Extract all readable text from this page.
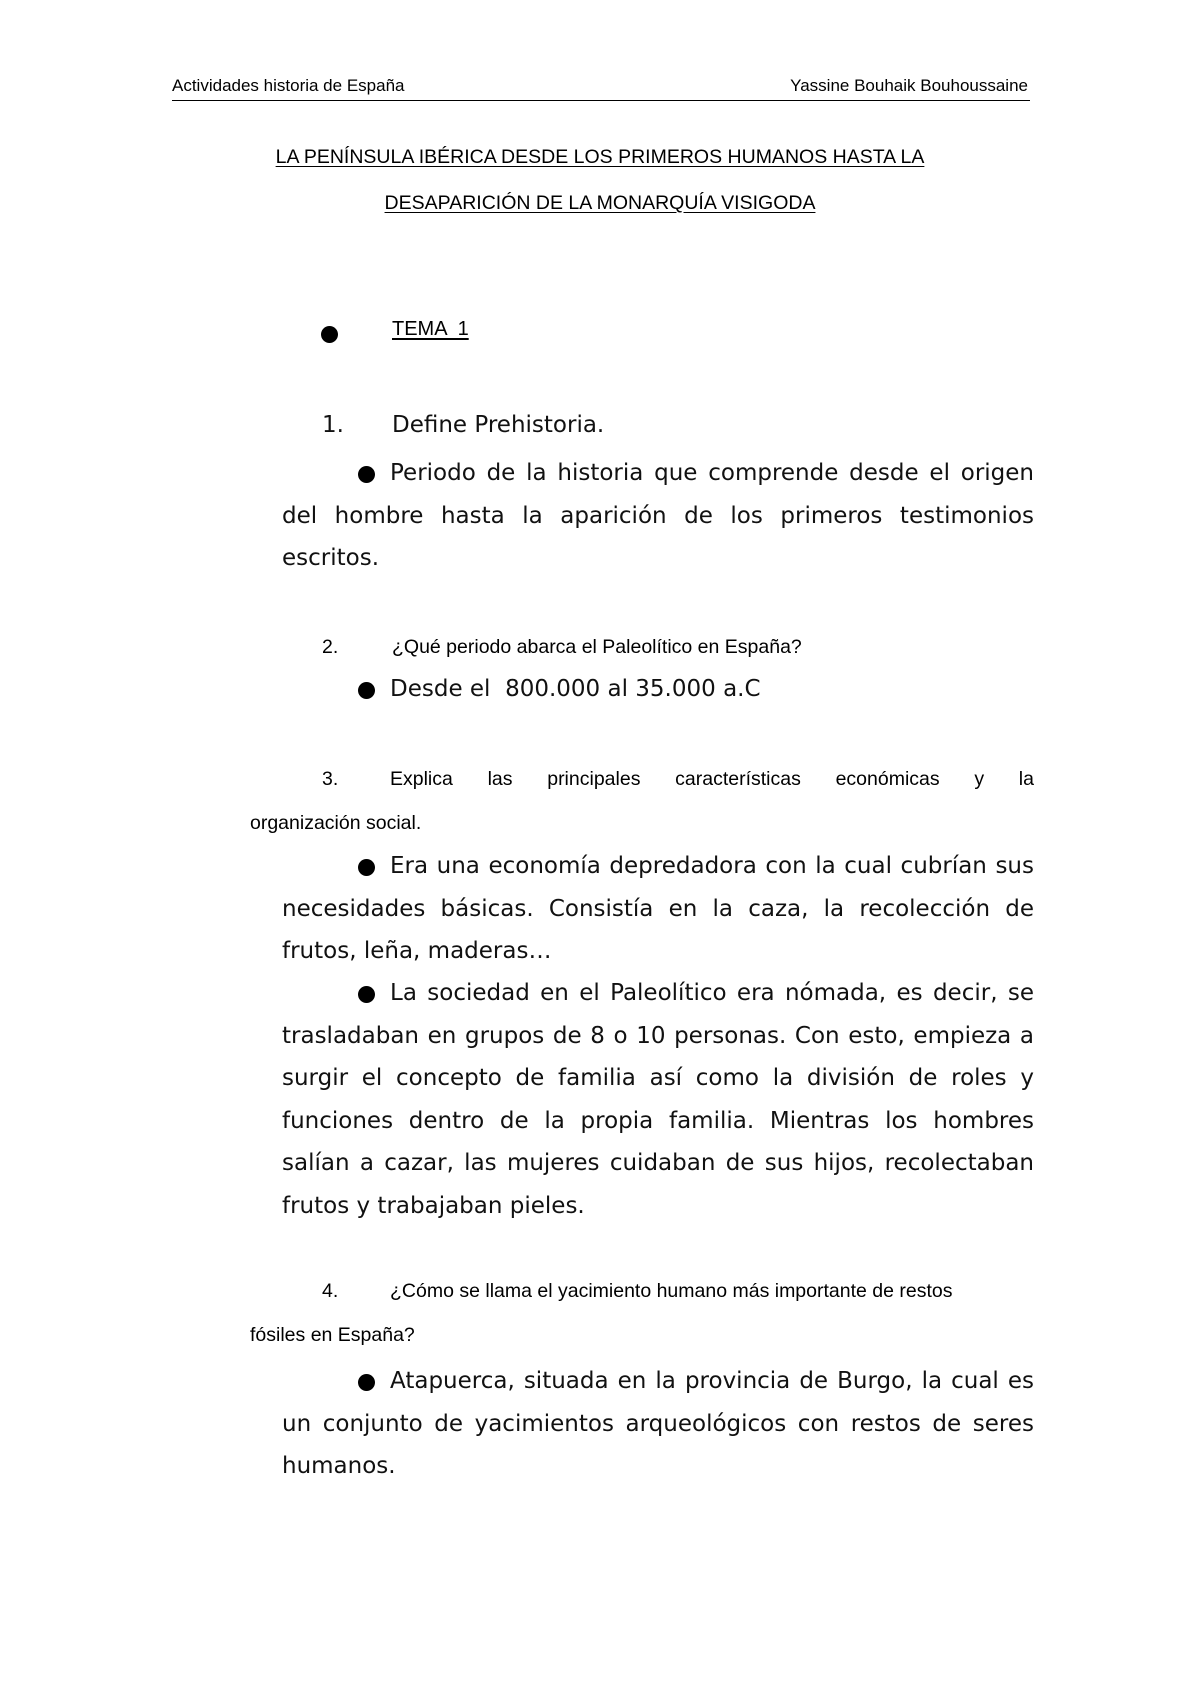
Actividades historia de España	Yassine Bouhaik Bouhoussaine
LA PENÍNSULA IBÉRICA DESDE LOS PRIMEROS HUMANOS HASTA LA
DESAPARICIÓN DE LA MONARQUÍA VISIGODA
TEMA  1
1. Define Prehistoria.
Periodo de la historia que comprende desde el origen del hombre hasta la aparición de los primeros testimonios escritos.
2.	¿Qué periodo abarca el Paleolítico en España?
Desde el  800.000 al 35.000 a.C
3.	Explica las principales características económicas y la
organización social.
Era una economía depredadora con la cual cubrían sus necesidades básicas. Consistía en la caza, la recolección de frutos, leña, maderas…
La sociedad en el Paleolítico era nómada, es decir, se trasladaban en grupos de 8 o 10 personas. Con esto, empieza a surgir el concepto de familia así como la división de roles y funciones dentro de la propia familia. Mientras los hombres salían a cazar, las mujeres cuidaban de sus hijos, recolectaban frutos y trabajaban pieles.
4.	¿Cómo se llama el yacimiento humano más importante de restos
fósiles en España?
Atapuerca, situada en la provincia de Burgo, la cual es un conjunto de yacimientos arqueológicos con restos de seres humanos.
